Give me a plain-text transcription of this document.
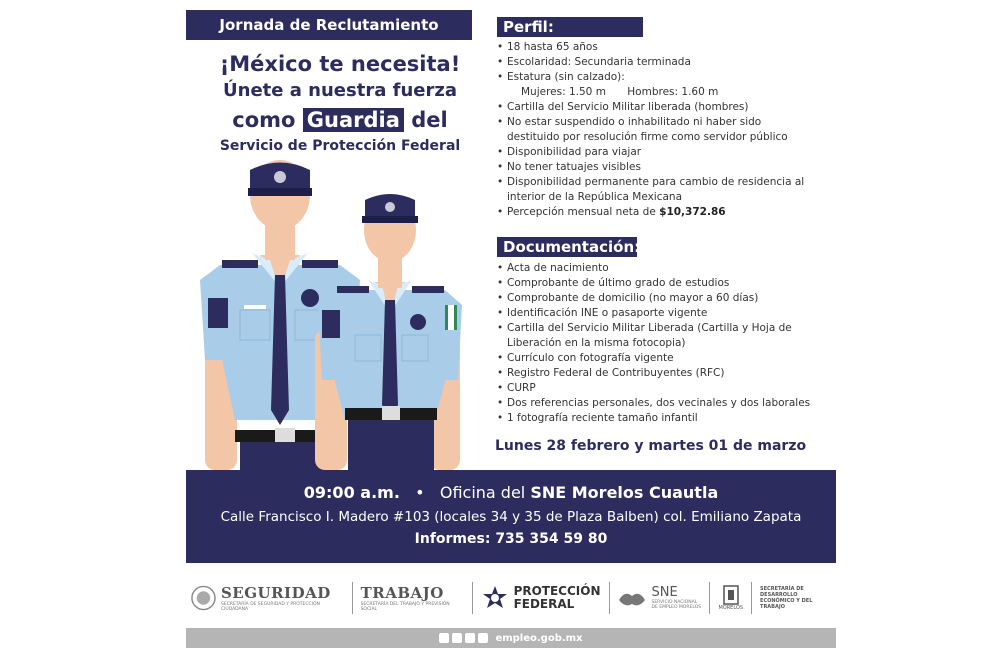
Jornada de Reclutamiento
¡México te necesita!
Únete a nuestra fuerza
como Guardia del
Servicio de Protección Federal
Perfil:
• 18 hasta 65 años
• Escolaridad: Secundaria terminada
• Estatura (sin calzado):
Mujeres: 1.50 m Hombres: 1.60 m
• Cartilla del Servicio Militar liberada (hombres)
• No estar suspendido o inhabilitado ni haber sido destituido por resolución firme como servidor público
• Disponibilidad para viajar
• No tener tatuajes visibles
• Disponibilidad permanente para cambio de residencia al interior de la República Mexicana
• Percepción mensual neta de $10,372.86
Documentación:
• Acta de nacimiento
• Comprobante de último grado de estudios
• Comprobante de domicilio (no mayor a 60 días)
• Identificación INE o pasaporte vigente
• Cartilla del Servicio Militar Liberada (Cartilla y Hoja de Liberación en la misma fotocopia)
• Currículo con fotografía vigente
• Registro Federal de Contribuyentes (RFC)
• CURP
• Dos referencias personales, dos vecinales y dos laborales
• 1 fotografía reciente tamaño infantil
Lunes 28 febrero y martes 01 de marzo
09:00 a.m. • Oficina del SNE Morelos Cuautla
Calle Francisco I. Madero #103 (locales 34 y 35 de Plaza Balben) col. Emiliano Zapata
Informes: 735 354 59 80
SEGURIDAD
SECRETARÍA DE SEGURIDAD Y PROTECCIÓN CIUDADANA
TRABAJO
SECRETARÍA DEL TRABAJO Y PREVISIÓN SOCIAL
PROTECCIÓN
FEDERAL
SNE
SERVICIO NACIONAL DE EMPLEO MORELOS	MORELOS
SECRETARÍA DE DESARROLLO ECONÓMICO Y DEL TRABAJO
empleo.gob.mx
